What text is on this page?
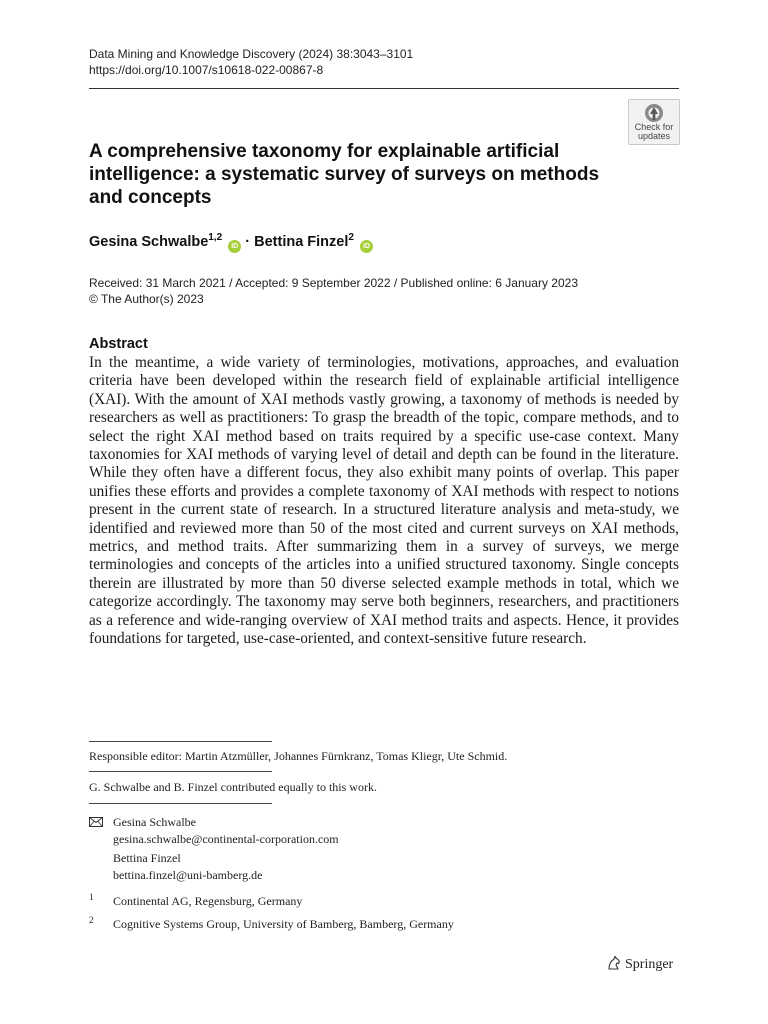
Data Mining and Knowledge Discovery (2024) 38:3043–3101
https://doi.org/10.1007/s10618-022-00867-8
Check for
updates
A comprehensive taxonomy for explainable artificial intelligence: a systematic survey of surveys on methods and concepts
Gesina Schwalbe$^{1,2}$ iD · Bettina Finzel$^2$ iD
Received: 31 March 2021 / Accepted: 9 September 2022 / Published online: 6 January 2023
© The Author(s) 2023
Abstract

In the meantime, a wide variety of terminologies, motivations, approaches, and evaluation criteria have been developed within the research field of explainable artificial intelligence (XAI). With the amount of XAI methods vastly growing, a taxonomy of methods is needed by researchers as well as practitioners: To grasp the breadth of the topic, compare methods, and to select the right XAI method based on traits required by a specific use-case context. Many taxonomies for XAI methods of varying level of detail and depth can be found in the literature. While they often have a different focus, they also exhibit many points of overlap. This paper unifies these efforts and provides a complete taxonomy of XAI methods with respect to notions present in the current state of research. In a structured literature analysis and meta-study, we identified and reviewed more than 50 of the most cited and current surveys on XAI methods, metrics, and method traits. After summarizing them in a survey of surveys, we merge terminologies and concepts of the articles into a unified structured taxonomy. Single concepts therein are illustrated by more than 50 diverse selected example methods in total, which we categorize accordingly. The taxonomy may serve both beginners, researchers, and practitioners as a reference and wide-ranging overview of XAI method traits and aspects. Hence, it provides foundations for targeted, use-case-oriented, and context-sensitive future research.

Responsible editor: Martin Atzmüller, Johannes Fürnkranz, Tomas Kliegr, Ute Schmid.
G. Schwalbe and B. Finzel contributed equally to this work.
Gesina Schwalbe
gesina.schwalbe@continental-corporation.com
Bettina Finzel
bettina.finzel@uni-bamberg.de
1 Continental AG, Regensburg, Germany
2 Cognitive Systems Group, University of Bamberg, Bamberg, Germany
Springer
